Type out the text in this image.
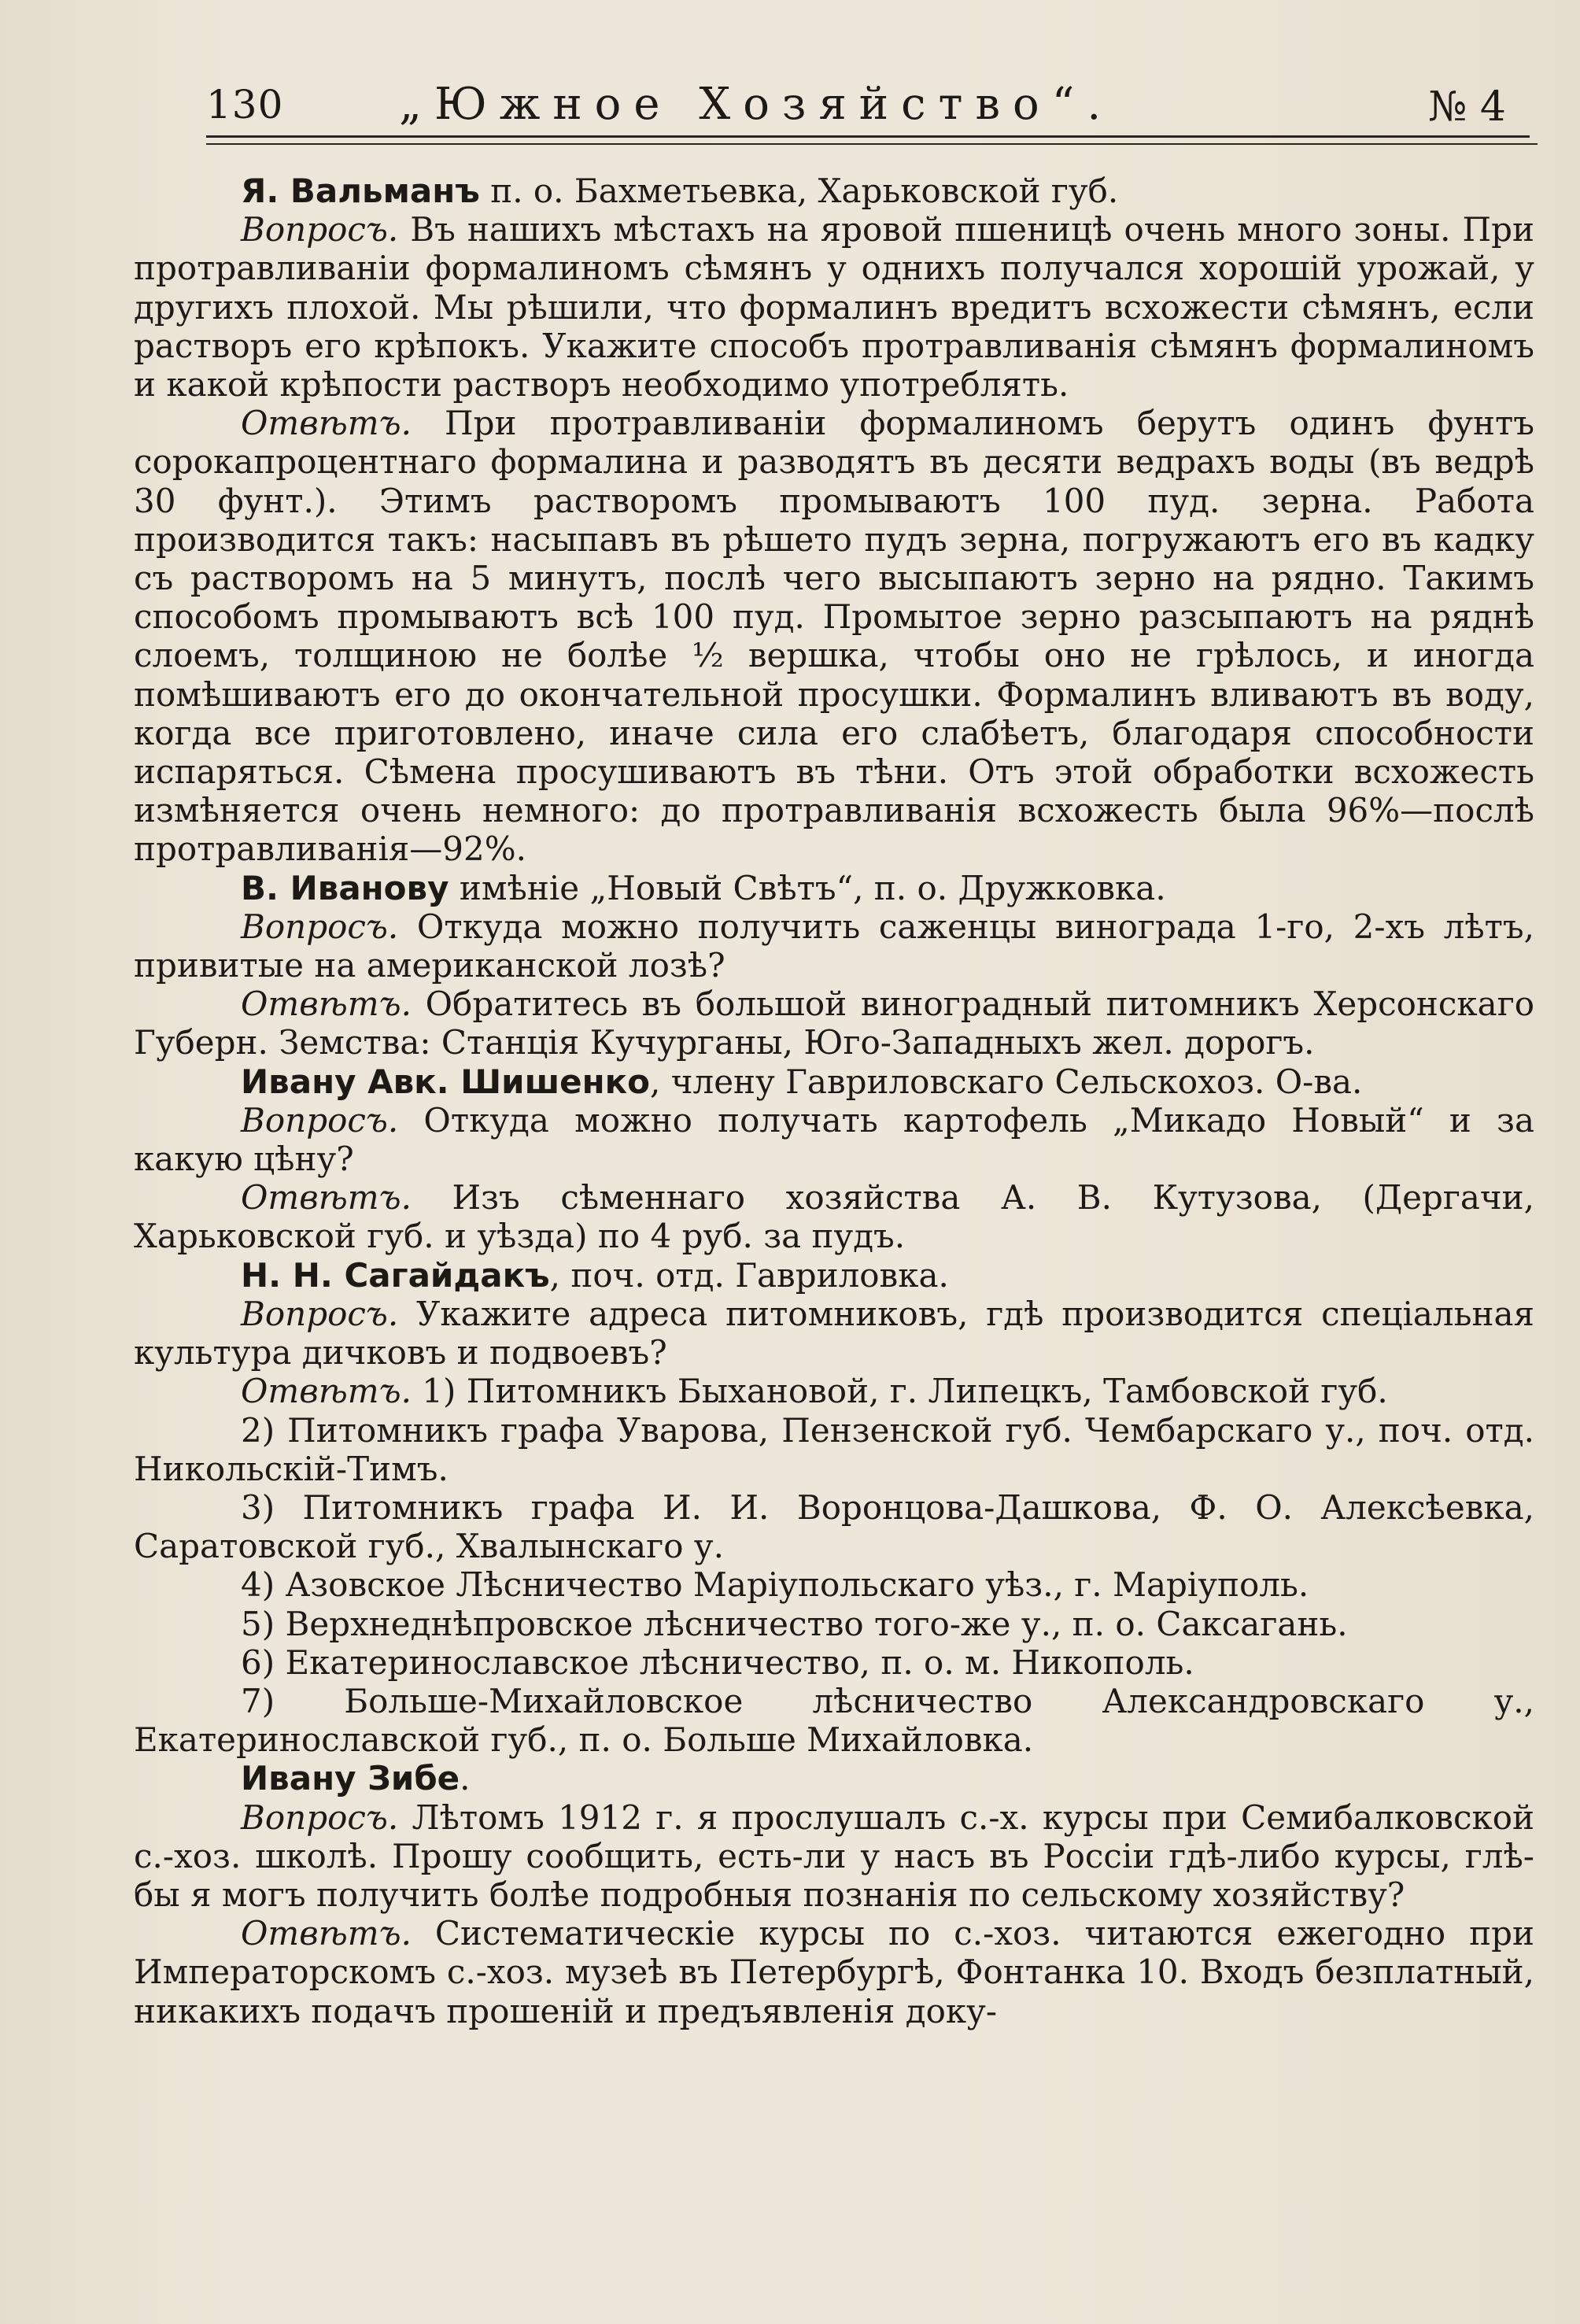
130	„Южное Хозяйство“.	№ 4

Я. Вальманъ п. о. Бахметьевка, Харьковской губ.

Вопросъ. Въ нашихъ мѣстахъ на яровой пшеницѣ очень много зоны. При протравливаніи формалиномъ сѣмянъ у однихъ получался хорошій урожай, у другихъ плохой. Мы рѣшили, что формалинъ вредитъ всхожести сѣмянъ, если растворъ его крѣпокъ. Укажите способъ протравливанія сѣмянъ формалиномъ и какой крѣпости растворъ необходимо употреблять.

Отвѣтъ. При протравливаніи формалиномъ берутъ одинъ фунтъ сорокапроцентнаго формалина и разводятъ въ десяти ведрахъ воды (въ ведрѣ 30 фунт.). Этимъ растворомъ промываютъ 100 пуд. зерна. Работа производится такъ: насыпавъ въ рѣшето пудъ зерна, погружаютъ его въ кадку съ растворомъ на 5 минутъ, послѣ чего высыпаютъ зерно на рядно. Такимъ способомъ промываютъ всѣ 100 пуд. Промытое зерно разсыпаютъ на ряднѣ слоемъ, толщиною не болѣе ½ вершка, чтобы оно не грѣлось, и иногда помѣшиваютъ его до окончательной просушки. Формалинъ вливаютъ въ воду, когда все приготовлено, иначе сила его слабѣетъ, благодаря способности испаряться. Сѣмена просушиваютъ въ тѣни. Отъ этой обработки всхожесть измѣняется очень немного: до протравливанія всхожесть была 96%—послѣ протравливанія—92%.

В. Иванову имѣніе „Новый Свѣтъ“, п. о. Дружковка.

Вопросъ. Откуда можно получить саженцы винограда 1-го, 2-хъ лѣтъ, привитые на американской лозѣ?

Отвѣтъ. Обратитесь въ большой виноградный питомникъ Херсонскаго Губерн. Земства: Станція Кучурганы, Юго-Западныхъ жел. дорогъ.

Ивану Авк. Шишенко, члену Гавриловскаго Сельскохоз. О-ва.

Вопросъ. Откуда можно получать картофель „Микадо Новый“ и за какую цѣну?

Отвѣтъ. Изъ сѣменнаго хозяйства А. В. Кутузова, (Дергачи, Харьковской губ. и уѣзда) по 4 руб. за пудъ.

Н. Н. Сагайдакъ, поч. отд. Гавриловка.

Вопросъ. Укажите адреса питомниковъ, гдѣ производится спеціальная культура дичковъ и подвоевъ?

Отвѣтъ. 1) Питомникъ Быхановой, г. Липецкъ, Тамбовской губ.

2) Питомникъ графа Уварова, Пензенской губ. Чембарскаго у., поч. отд. Никольскій-Тимъ.

3) Питомникъ графа И. И. Воронцова-Дашкова, Ф. О. Алексѣевка, Саратовской губ., Хвалынскаго у.

4) Азовское Лѣсничество Маріупольскаго уѣз., г. Маріуполь.

5) Верхнеднѣпровское лѣсничество того-же у., п. о. Саксагань.

6) Екатеринославское лѣсничество, п. о. м. Никополь.

7) Больше-Михайловское лѣсничество Александровскаго у., Екатеринославской губ., п. о. Больше Михайловка.

Ивану Зибе.

Вопросъ. Лѣтомъ 1912 г. я прослушалъ с.-х. курсы при Семибалковской с.-хоз. школѣ. Прошу сообщить, есть-ли у насъ въ Россіи гдѣ-либо курсы, глѣ-бы я могъ получить болѣе подробныя познанія по сельскому хозяйству?

Отвѣтъ. Систематическіе курсы по с.-хоз. читаются ежегодно при Императорскомъ с.-хоз. музеѣ въ Петербургѣ, Фонтанка 10. Входъ безплатный, никакихъ подачъ прошеній и предъявленія доку-
